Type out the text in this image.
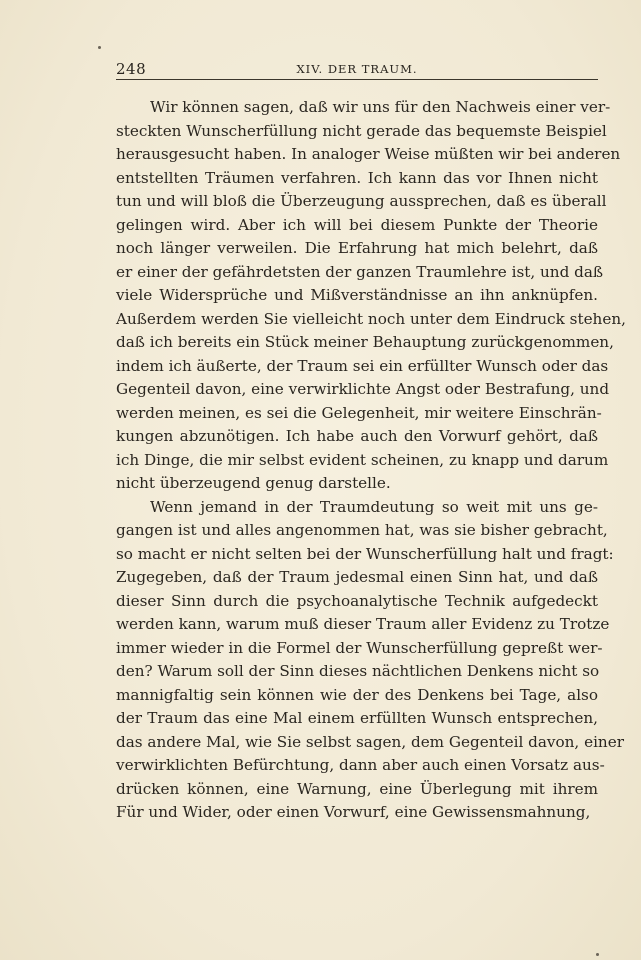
248	XIV. DER TRAUM.
Wir können sagen, daß wir uns für den Nachweis einer ver-
steckten Wunscherfüllung nicht gerade das bequemste Beispiel
herausgesucht haben. In analoger Weise müßten wir bei anderen
entstellten Träumen verfahren. Ich kann das vor Ihnen nicht
tun und will bloß die Überzeugung aussprechen, daß es überall
gelingen wird. Aber ich will bei diesem Punkte der Theorie
noch länger verweilen. Die Erfahrung hat mich belehrt, daß
er einer der gefährdetsten der ganzen Traumlehre ist, und daß
viele Widersprüche und Mißverständnisse an ihn anknüpfen.
Außerdem werden Sie vielleicht noch unter dem Eindruck stehen,
daß ich bereits ein Stück meiner Behauptung zurückgenommen,
indem ich äußerte, der Traum sei ein erfüllter Wunsch oder das
Gegenteil davon, eine verwirklichte Angst oder Bestrafung, und
werden meinen, es sei die Gelegenheit, mir weitere Einschrän-
kungen abzunötigen. Ich habe auch den Vorwurf gehört, daß
ich Dinge, die mir selbst evident scheinen, zu knapp und darum
nicht überzeugend genug darstelle.
Wenn jemand in der Traumdeutung so weit mit uns ge-
gangen ist und alles angenommen hat, was sie bisher gebracht,
so macht er nicht selten bei der Wunscherfüllung halt und fragt:
Zugegeben, daß der Traum jedesmal einen Sinn hat, und daß
dieser Sinn durch die psychoanalytische Technik aufgedeckt
werden kann, warum muß dieser Traum aller Evidenz zu Trotze
immer wieder in die Formel der Wunscherfüllung gepreßt wer-
den? Warum soll der Sinn dieses nächtlichen Denkens nicht so
mannigfaltig sein können wie der des Denkens bei Tage, also
der Traum das eine Mal einem erfüllten Wunsch entsprechen,
das andere Mal, wie Sie selbst sagen, dem Gegenteil davon, einer
verwirklichten Befürchtung, dann aber auch einen Vorsatz aus-
drücken können, eine Warnung, eine Überlegung mit ihrem
Für und Wider, oder einen Vorwurf, eine Gewissensmahnung,
